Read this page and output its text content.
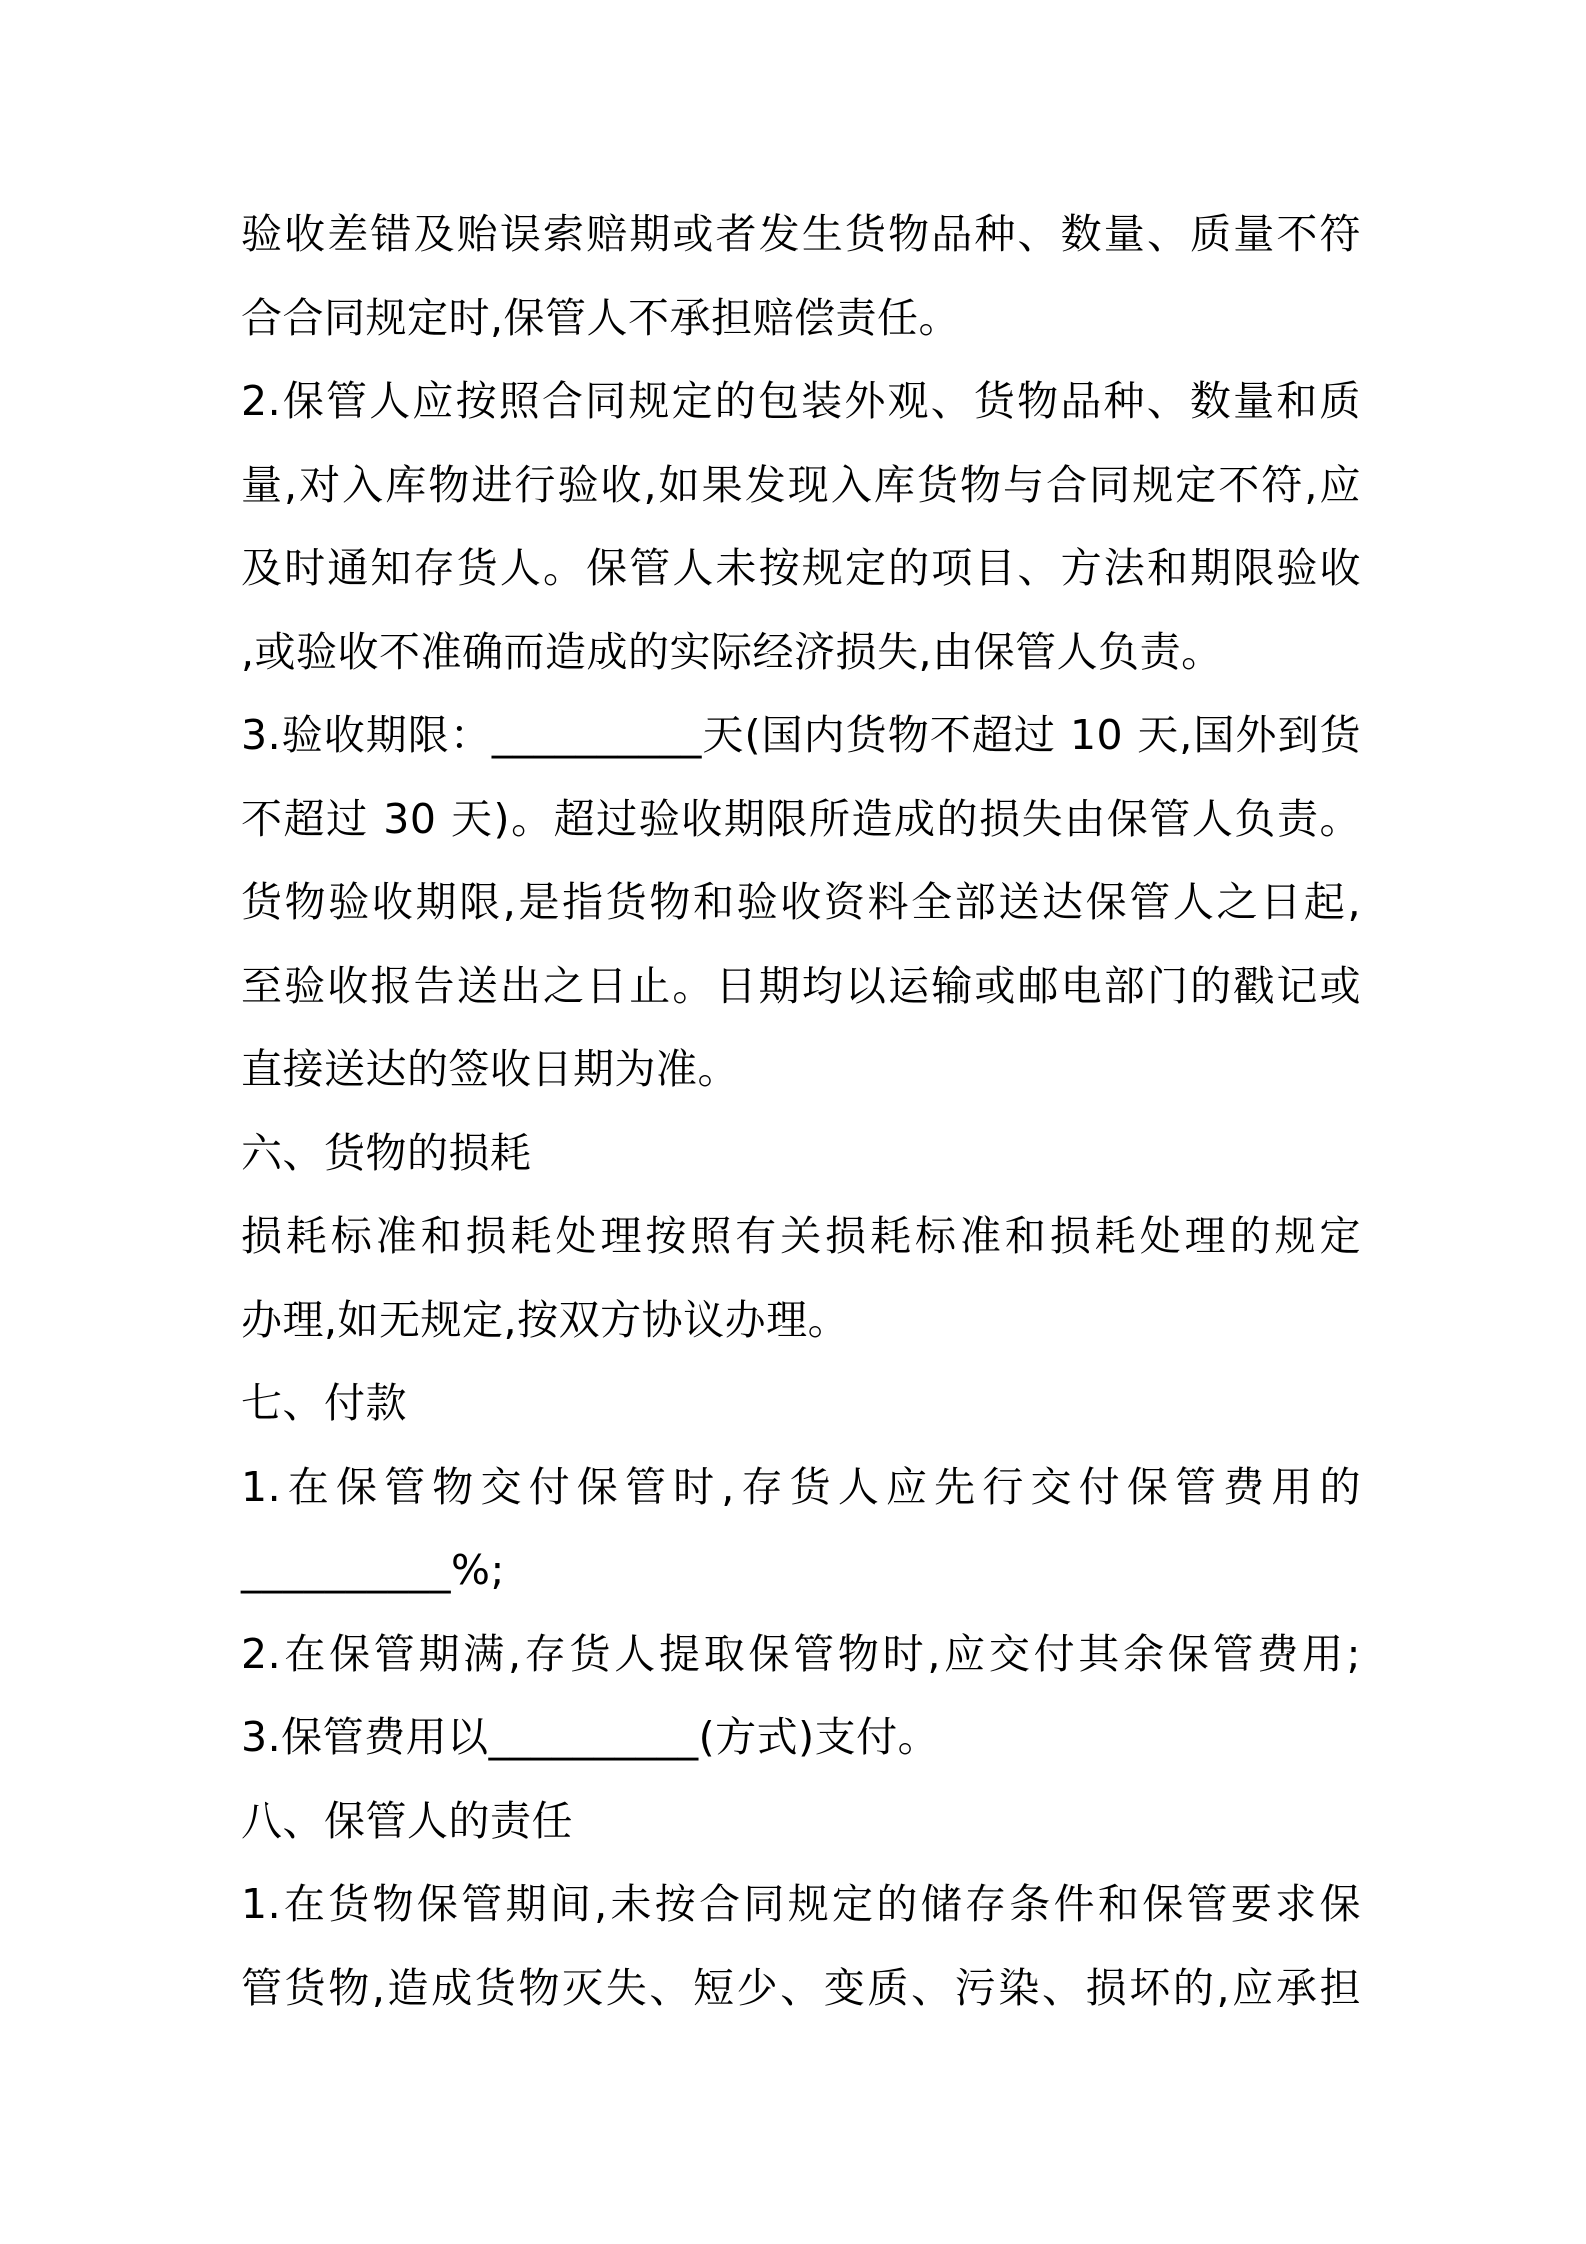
验收差错及贻误索赔期或者发生货物品种、数量、质量不符
合合同规定时,保管人不承担赔偿责任。
2.保管人应按照合同规定的包装外观、货物品种、数量和质
量,对入库物进行验收,如果发现入库货物与合同规定不符,应
及时通知存货人。保管人未按规定的项目、方法和期限验收
,或验收不准确而造成的实际经济损失,由保管人负责。
3.验收期限：__________天(国内货物不超过 10 天,国外到货
不超过 30 天)。超过验收期限所造成的损失由保管人负责。
货物验收期限,是指货物和验收资料全部送达保管人之日起,
至验收报告送出之日止。日期均以运输或邮电部门的戳记或
直接送达的签收日期为准。
六、货物的损耗
损耗标准和损耗处理按照有关损耗标准和损耗处理的规定
办理,如无规定,按双方协议办理。
七、付款
1.在保管物交付保管时,存货人应先行交付保管费用的
__________%;
2.在保管期满,存货人提取保管物时,应交付其余保管费用;
3.保管费用以__________(方式)支付。
八、保管人的责任
1.在货物保管期间,未按合同规定的储存条件和保管要求保
管货物,造成货物灭失、短少、变质、污染、损坏的,应承担
